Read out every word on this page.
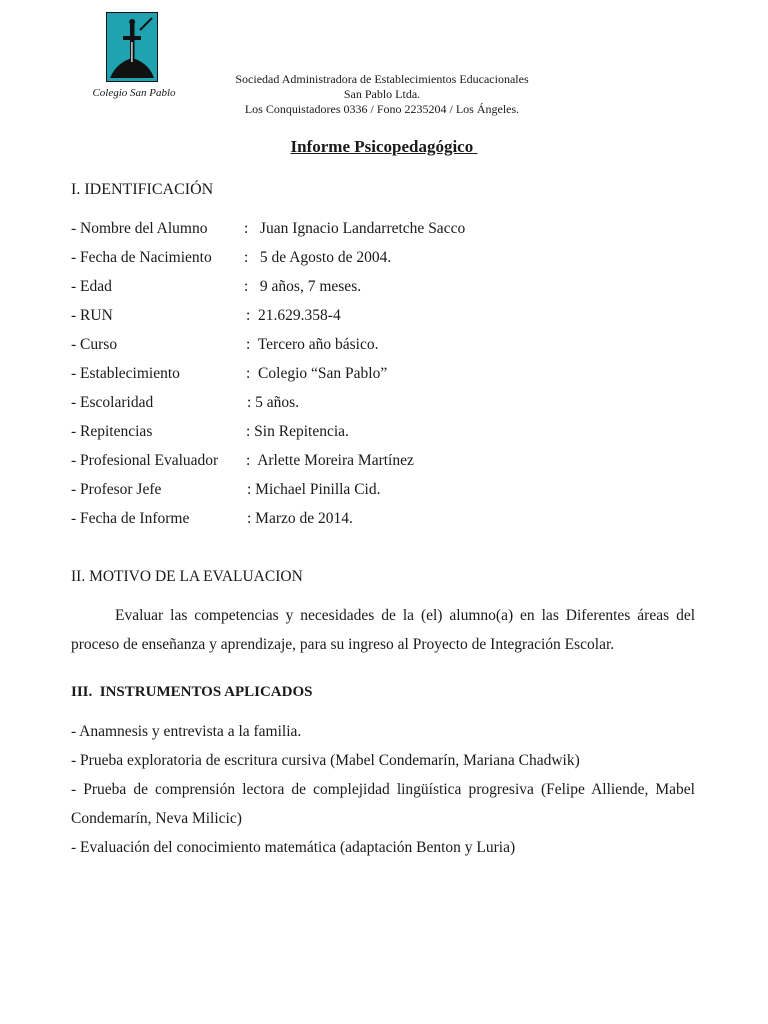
Colegio San Pablo
Sociedad Administradora de Establecimientos Educacionales
San Pablo Ltda.
Los Conquistadores 0336 / Fono 2235204 / Los Ángeles.
Informe Psicopedagógico
I. IDENTIFICACIÓN
- Nombre del Alumno :   Juan Ignacio Landarretche Sacco
- Fecha de Nacimiento :   5 de Agosto de 2004.
- Edad	:   9 años, 7 meses.
- RUN	:  21.629.358-4
- Curso	:  Tercero año básico.
- Establecimiento	:  Colegio “San Pablo”
- Escolaridad	: 5 años.
- Repitencias	: Sin Repitencia.
- Profesional Evaluador :  Arlette Moreira Martínez
- Profesor Jefe	: Michael Pinilla Cid.
- Fecha de Informe	: Marzo de 2014.
II. MOTIVO DE LA EVALUACION
Evaluar las competencias y necesidades de la (el) alumno(a) en las Diferentes áreas del proceso de enseñanza y aprendizaje, para su ingreso al Proyecto de Integración Escolar.
III.  INSTRUMENTOS APLICADOS
- Anamnesis y entrevista a la familia.
- Prueba exploratoria de escritura cursiva (Mabel Condemarín, Mariana Chadwik)
- Prueba de comprensión lectora de complejidad lingüística progresiva (Felipe Alliende, Mabel Condemarín, Neva Milicic)
- Evaluación del conocimiento matemática (adaptación Benton y Luria)
